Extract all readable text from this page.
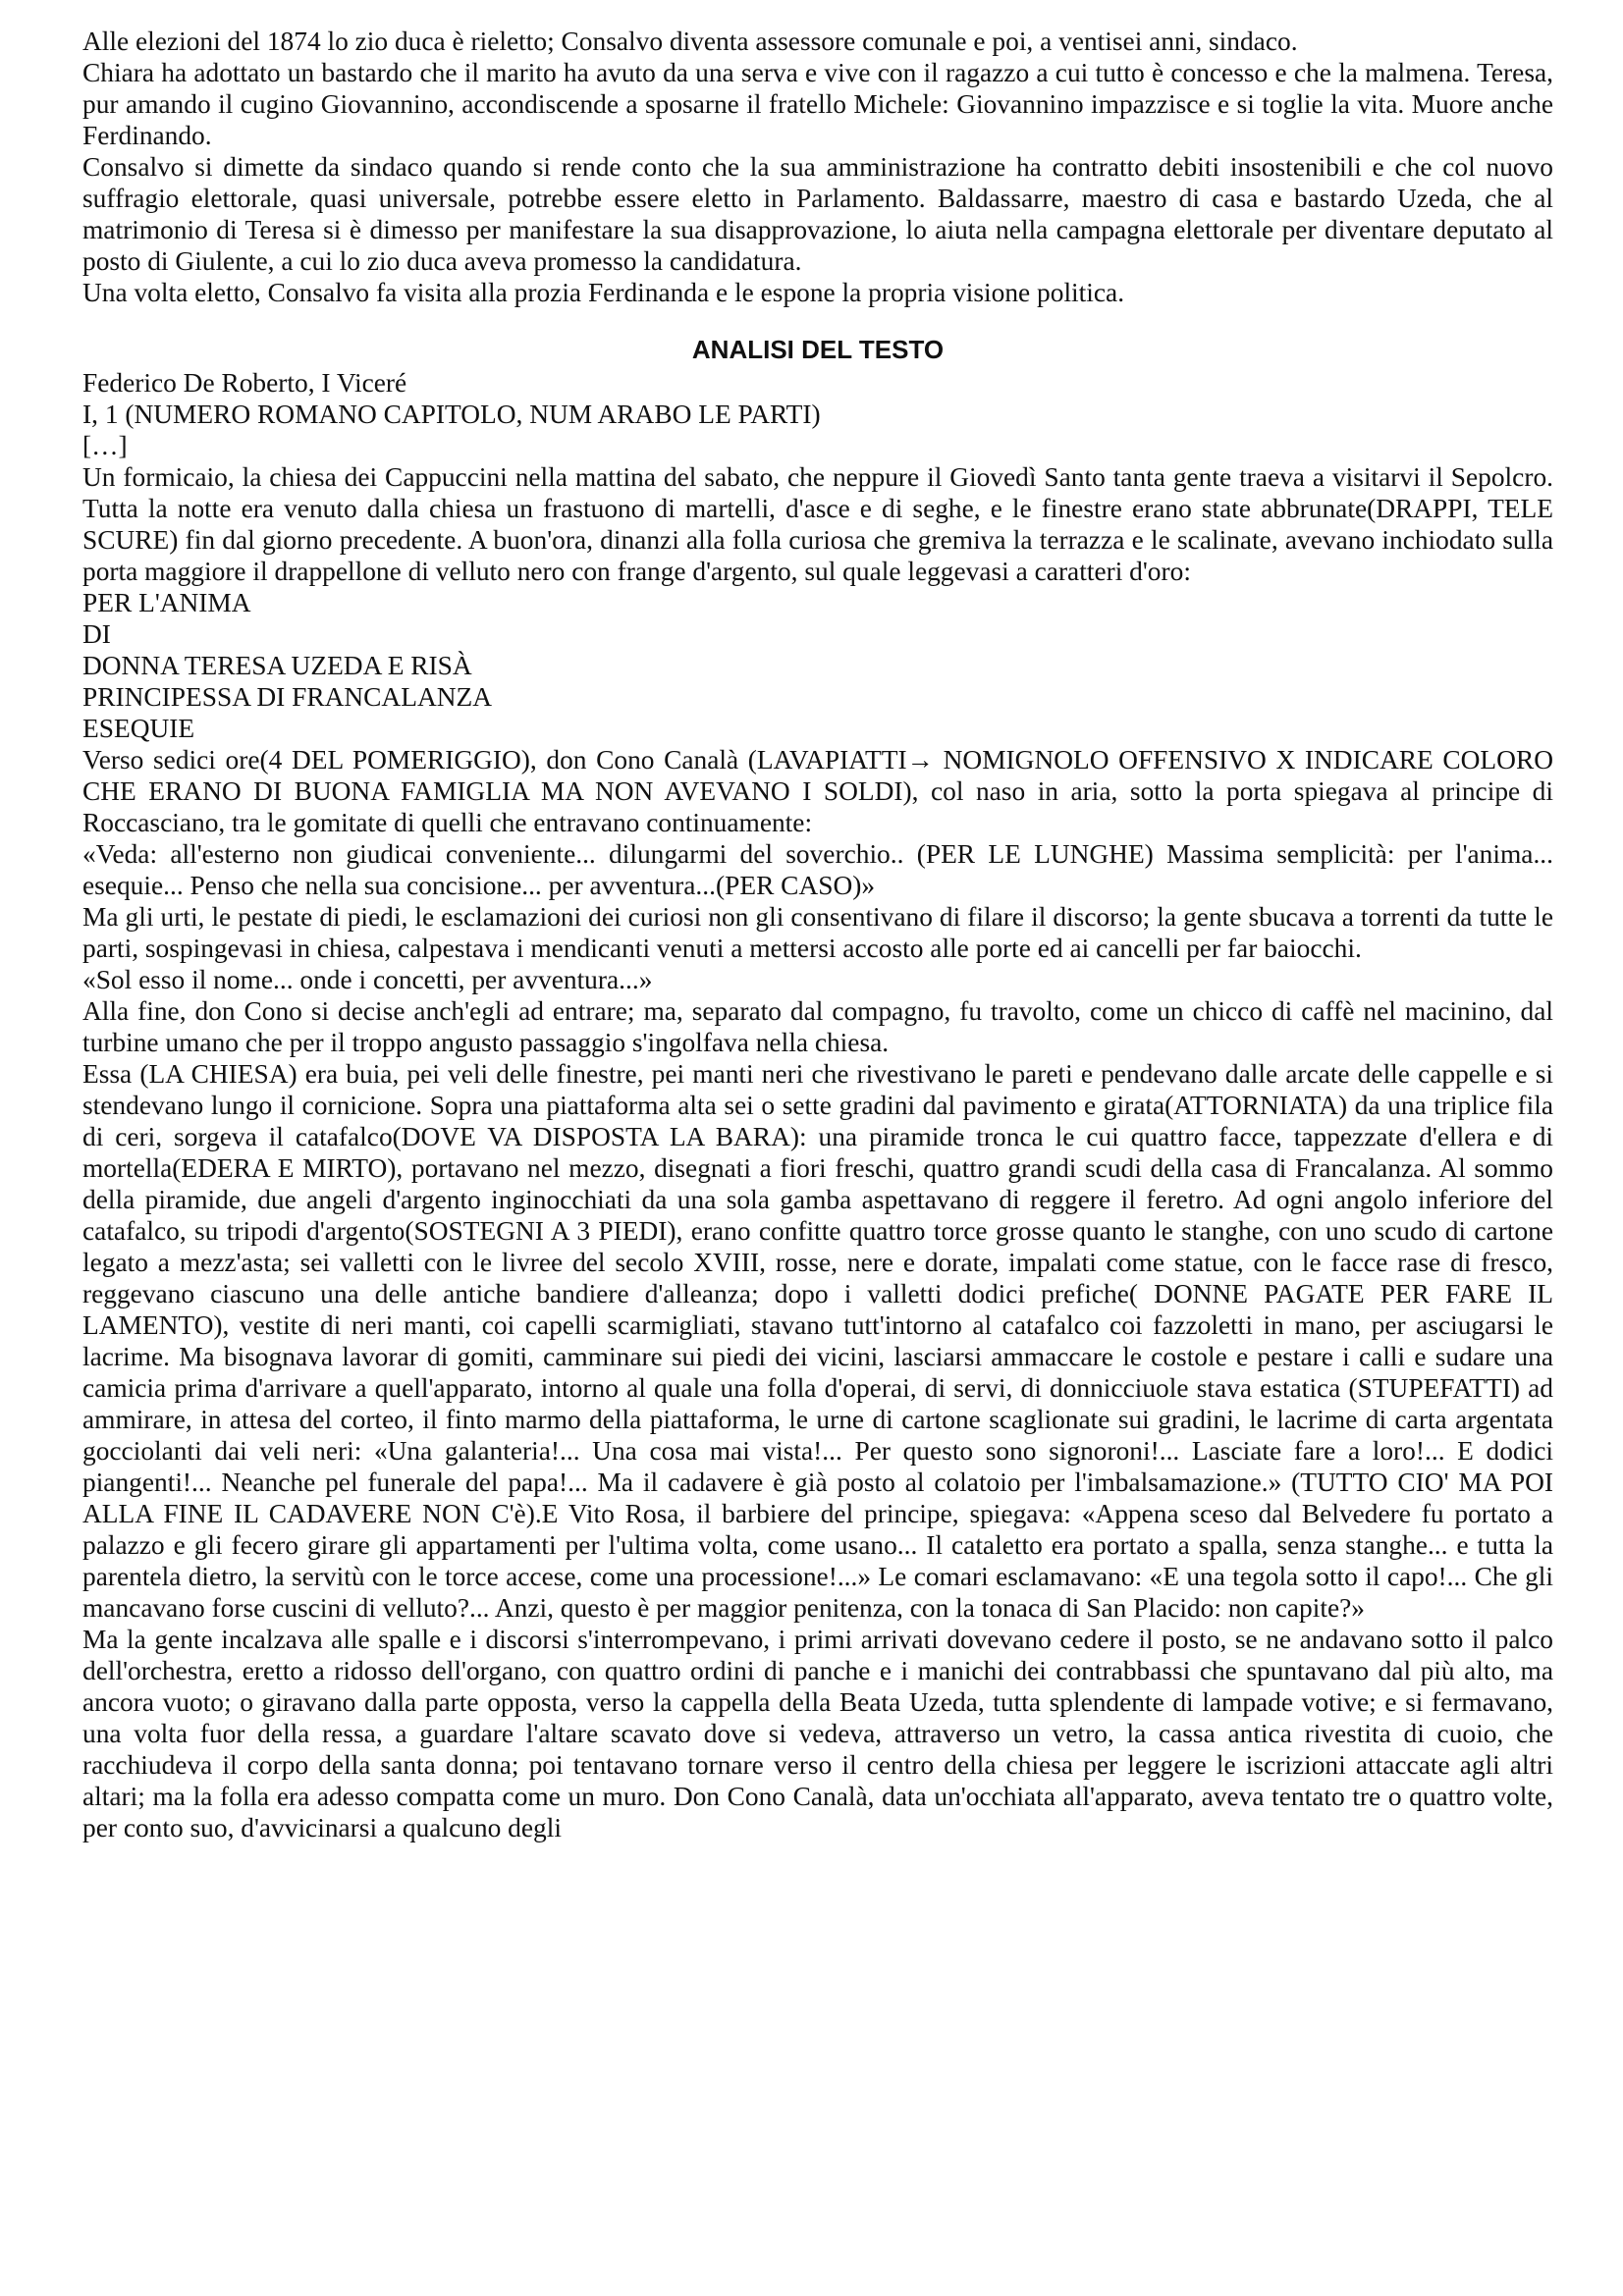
Alle elezioni del 1874 lo zio duca è rieletto; Consalvo diventa assessore comunale e poi, a ventisei anni, sindaco.

Chiara ha adottato un bastardo che il marito ha avuto da una serva e vive con il ragazzo a cui tutto è concesso e che la malmena. Teresa, pur amando il cugino Giovannino, accondiscende a sposarne il fratello Michele: Giovannino impazzisce e si toglie la vita. Muore anche Ferdinando.

Consalvo si dimette da sindaco quando si rende conto che la sua amministrazione ha contratto debiti insostenibili e che col nuovo suffragio elettorale, quasi universale, potrebbe essere eletto in Parlamento. Baldassarre, maestro di casa e bastardo Uzeda, che al matrimonio di Teresa si è dimesso per manifestare la sua disapprovazione, lo aiuta nella campagna elettorale per diventare deputato al posto di Giulente, a cui lo zio duca aveva promesso la candidatura.

Una volta eletto, Consalvo fa visita alla prozia Ferdinanda e le espone la propria visione politica.

ANALISI DEL TESTO

Federico De Roberto, I Viceré

I, 1 (NUMERO ROMANO CAPITOLO, NUM ARABO LE PARTI)

[…]

Un formicaio, la chiesa dei Cappuccini nella mattina del sabato, che neppure il Giovedì Santo tanta gente traeva a visitarvi il Sepolcro. Tutta la notte era venuto dalla chiesa un frastuono di martelli, d'asce e di seghe, e le finestre erano state abbrunate(DRAPPI, TELE SCURE) fin dal giorno precedente. A buon'ora, dinanzi alla folla curiosa che gremiva la terrazza e le scalinate, avevano inchiodato sulla porta maggiore il drappellone di velluto nero con frange d'argento, sul quale leggevasi a caratteri d'oro:

PER L'ANIMA

DI

DONNA TERESA UZEDA E RISÀ

PRINCIPESSA DI FRANCALANZA

ESEQUIE

Verso sedici ore(4 DEL POMERIGGIO), don Cono Canalà (LAVAPIATTI→ NOMIGNOLO OFFENSIVO X INDICARE COLORO CHE ERANO DI BUONA FAMIGLIA MA NON AVEVANO I SOLDI), col naso in aria, sotto la porta spiegava al principe di Roccasciano, tra le gomitate di quelli che entravano continuamente:

«Veda: all'esterno non giudicai conveniente... dilungarmi del soverchio.. (PER LE LUNGHE) Massima semplicità: per l'anima... esequie... Penso che nella sua concisione... per avventura...(PER CASO)»

Ma gli urti, le pestate di piedi, le esclamazioni dei curiosi non gli consentivano di filare il discorso; la gente sbucava a torrenti da tutte le parti, sospingevasi in chiesa, calpestava i mendicanti venuti a mettersi accosto alle porte ed ai cancelli per far baiocchi.

«Sol esso il nome... onde i concetti, per avventura...»

Alla fine, don Cono si decise anch'egli ad entrare; ma, separato dal compagno, fu travolto, come un chicco di caffè nel macinino, dal turbine umano che per il troppo angusto passaggio s'ingolfava nella chiesa.

Essa (LA CHIESA) era buia, pei veli delle finestre, pei manti neri che rivestivano le pareti e pendevano dalle arcate delle cappelle e si stendevano lungo il cornicione. Sopra una piattaforma alta sei o sette gradini dal pavimento e girata(ATTORNIATA) da una triplice fila di ceri, sorgeva il catafalco(DOVE VA DISPOSTA LA BARA): una piramide tronca le cui quattro facce, tappezzate d'ellera e di mortella(EDERA E MIRTO), portavano nel mezzo, disegnati a fiori freschi, quattro grandi scudi della casa di Francalanza. Al sommo della piramide, due angeli d'argento inginocchiati da una sola gamba aspettavano di reggere il feretro. Ad ogni angolo inferiore del catafalco, su tripodi d'argento(SOSTEGNI A 3 PIEDI), erano confitte quattro torce grosse quanto le stanghe, con uno scudo di cartone legato a mezz'asta; sei valletti con le livree del secolo XVIII, rosse, nere e dorate, impalati come statue, con le facce rase di fresco, reggevano ciascuno una delle antiche bandiere d'alleanza; dopo i valletti dodici prefiche( DONNE PAGATE PER FARE IL LAMENTO), vestite di neri manti, coi capelli scarmigliati, stavano tutt'intorno al catafalco coi fazzoletti in mano, per asciugarsi le lacrime. Ma bisognava lavorar di gomiti, camminare sui piedi dei vicini, lasciarsi ammaccare le costole e pestare i calli e sudare una camicia prima d'arrivare a quell'apparato, intorno al quale una folla d'operai, di servi, di donnicciuole stava estatica (STUPEFATTI) ad ammirare, in attesa del corteo, il finto marmo della piattaforma, le urne di cartone scaglionate sui gradini, le lacrime di carta argentata gocciolanti dai veli neri: «Una galanteria!... Una cosa mai vista!... Per questo sono signoroni!... Lasciate fare a loro!... E dodici piangenti!... Neanche pel funerale del papa!... Ma il cadavere è già posto al colatoio per l'imbalsamazione.» (TUTTO CIO' MA POI ALLA FINE IL CADAVERE NON C'è).E Vito Rosa, il barbiere del principe, spiegava: «Appena sceso dal Belvedere fu portato a palazzo e gli fecero girare gli appartamenti per l'ultima volta, come usano... Il cataletto era portato a spalla, senza stanghe... e tutta la parentela dietro, la servitù con le torce accese, come una processione!...» Le comari esclamavano: «E una tegola sotto il capo!... Che gli mancavano forse cuscini di velluto?... Anzi, questo è per maggior penitenza, con la tonaca di San Placido: non capite?»

Ma la gente incalzava alle spalle e i discorsi s'interrompevano, i primi arrivati dovevano cedere il posto, se ne andavano sotto il palco dell'orchestra, eretto a ridosso dell'organo, con quattro ordini di panche e i manichi dei contrabbassi che spuntavano dal più alto, ma ancora vuoto; o giravano dalla parte opposta, verso la cappella della Beata Uzeda, tutta splendente di lampade votive; e si fermavano, una volta fuor della ressa, a guardare l'altare scavato dove si vedeva, attraverso un vetro, la cassa antica rivestita di cuoio, che racchiudeva il corpo della santa donna; poi tentavano tornare verso il centro della chiesa per leggere le iscrizioni attaccate agli altri altari; ma la folla era adesso compatta come un muro. Don Cono Canalà, data un'occhiata all'apparato, aveva tentato tre o quattro volte, per conto suo, d'avvicinarsi a qualcuno degli
